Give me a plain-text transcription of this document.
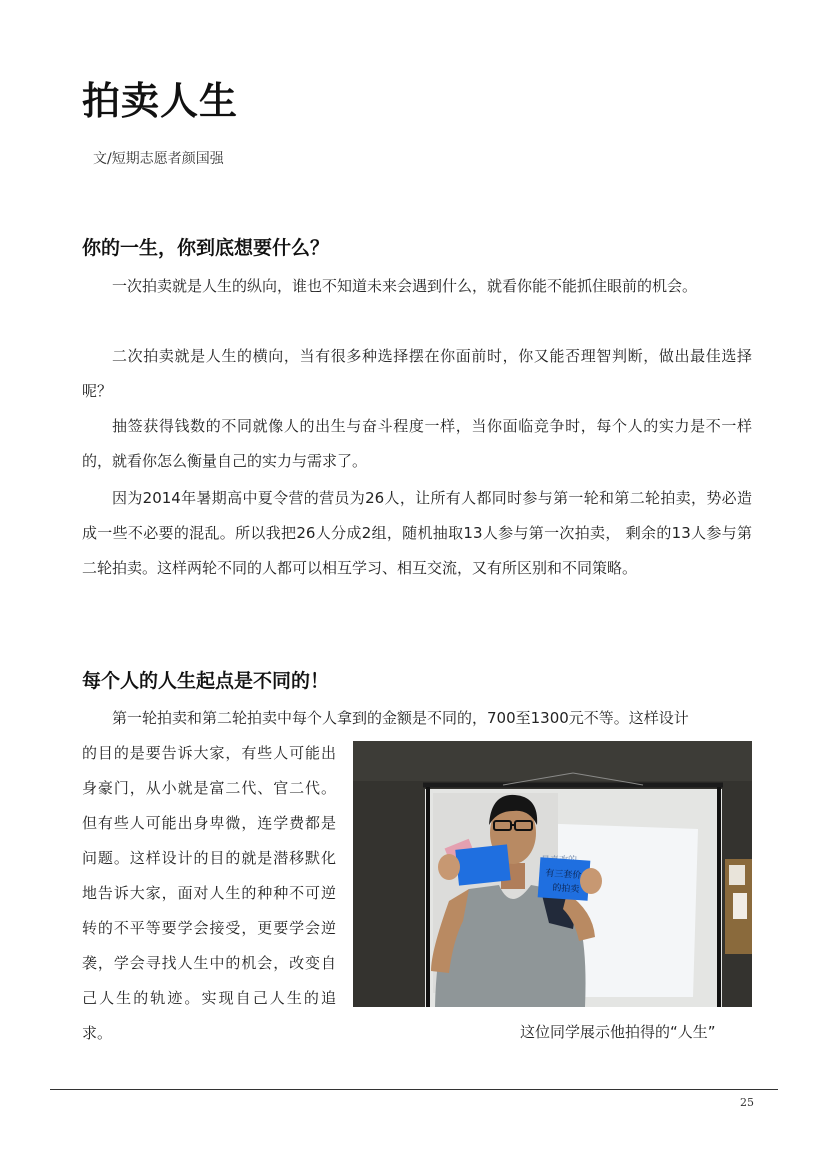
拍卖人生
文/短期志愿者颜国强
你的一生，你到底想要什么？

一次拍卖就是人生的纵向，谁也不知道未来会遇到什么，就看你能不能抓住眼前的机会。

二次拍卖就是人生的横向，当有很多种选择摆在你面前时，你又能否理智判断，做出最佳选择呢？

抽签获得钱数的不同就像人的出生与奋斗程度一样，当你面临竞争时，每个人的实力是不一样的，就看你怎么衡量自己的实力与需求了。

因为2014年暑期高中夏令营的营员为26人，让所有人都同时参与第一轮和第二轮拍卖，势必造成一些不必要的混乱。所以我把26人分成2组，随机抽取13人参与第一次拍卖， 剩余的13人参与第二轮拍卖。这样两轮不同的人都可以相互学习、相互交流，又有所区别和不同策略。

每个人的人生起点是不同的！

第一轮拍卖和第二轮拍卖中每个人拿到的金额是不同的，700至1300元不等。这样设计

的目的是要告诉大家，有些人可能出身豪门，从小就是富二代、官二代。但有些人可能出身卑微，连学费都是问题。这样设计的目的就是潜移默化地告诉大家，面对人生的种种不可逆转的不平等要学会接受，更要学会逆袭，学会寻找人生中的机会，改变自己人生的轨迹。实现自己人生的追求。

有三套价
的拍卖
这位同学展示他拍得的“人生”
25
